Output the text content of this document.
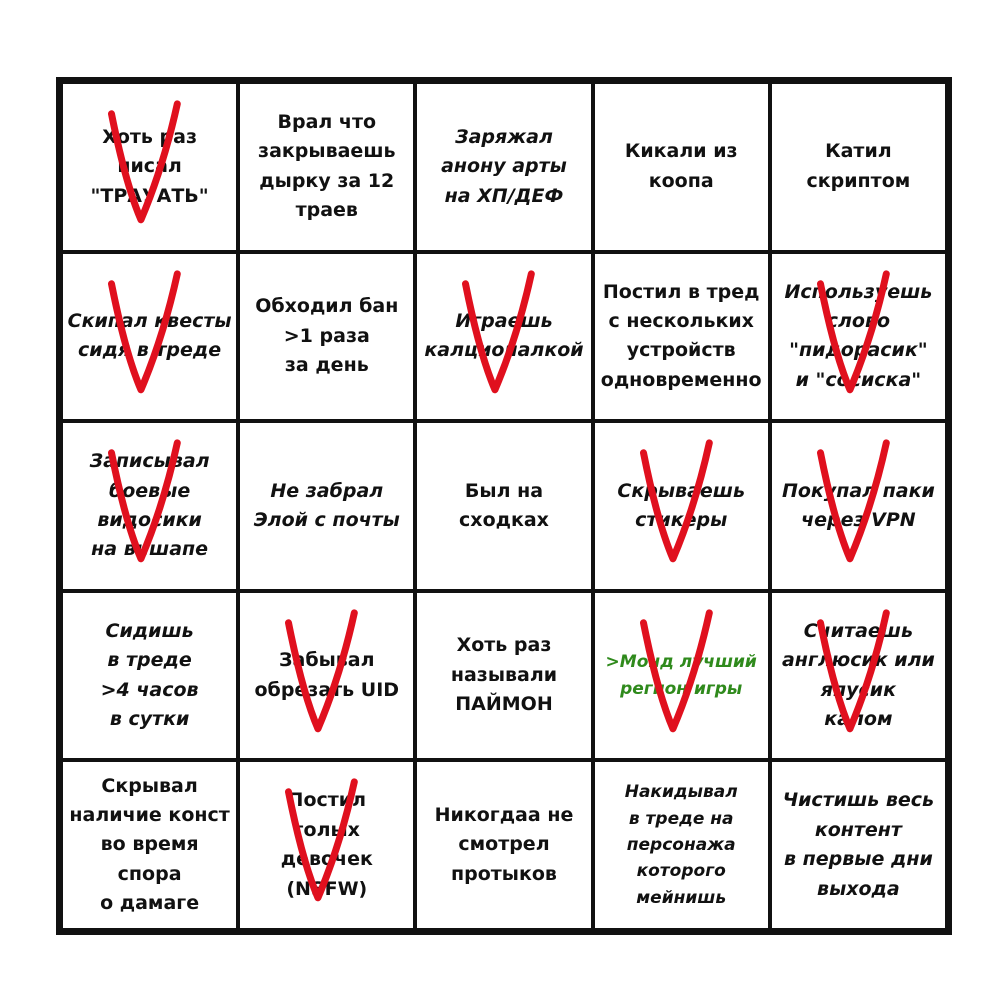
Хоть раз
писал
"ТРАУАТЬ"
Врал что
закрываешь
дырку за 12
траев
Заряжал
анону арты
на ХП/ДЕФ
Кикали из
коопа
Катил
скриптом
Скипал квесты
сидя в треде
Обходил бан
>1 раза
за день
Играешь
калционалкой
Постил в тред
с нескольких
устройств
одновременно
Используешь
слово
"пидорасик"
и "сосиска"
Записывал
боевые
видосики
на вишапе
Не забрал
Элой с почты
Был на
сходках
Скрываешь
стикеры
Покупал паки
через VPN
Сидишь
в треде
>4 часов
в сутки
Забывал
обрезать UID
Хоть раз
называли
ПАЙМОН
>Монд лучший
регион игры
Считаешь
англюсик или
япусик
калом
Скрывал
наличие конст
во время спора
о дамаге
Постил
голых
девочек
(NSFW)
Никогдаа не
смотрел
протыков
Накидывал
в треде на
персонажа
которого
мейнишь
Чистишь весь
контент
в первые дни
выхода
